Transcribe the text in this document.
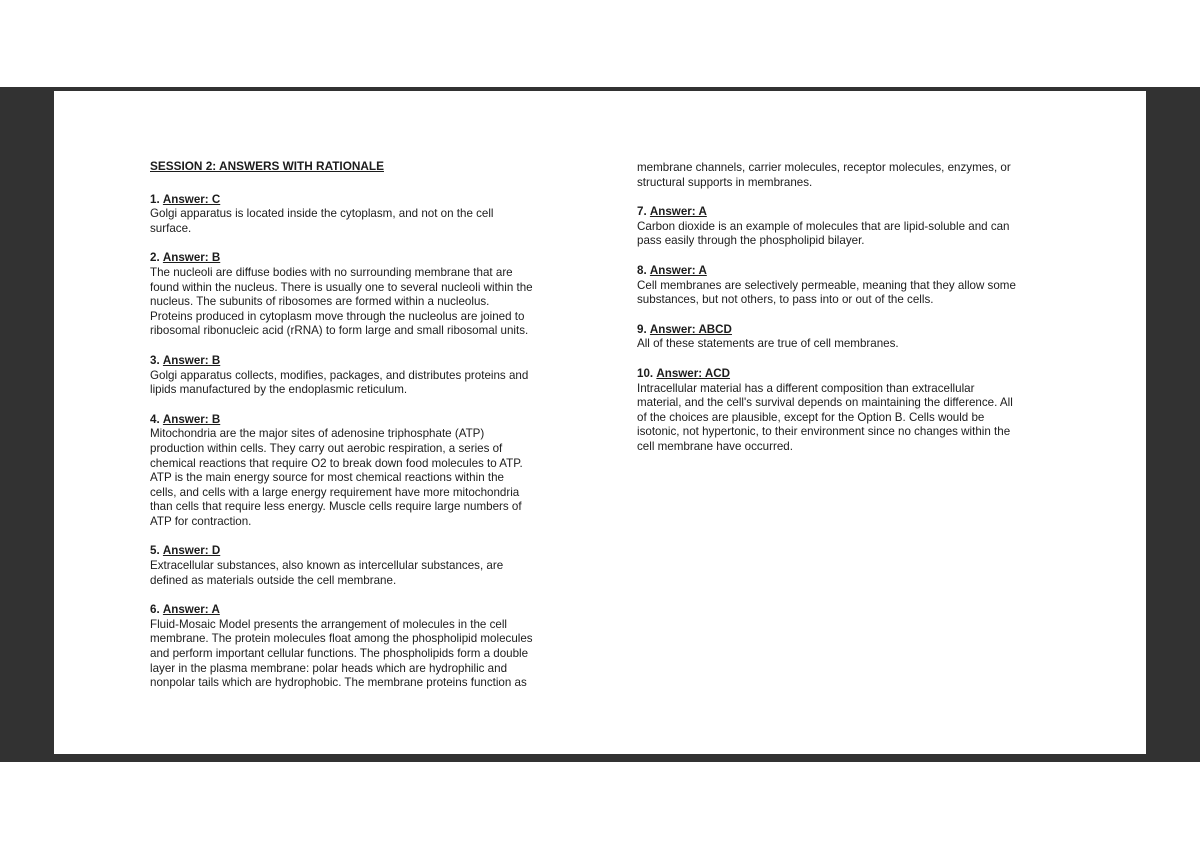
SESSION 2: ANSWERS WITH RATIONALE
1. Answer: C
Golgi apparatus is located inside the cytoplasm, and not on the cell
surface.
2. Answer: B
The nucleoli are diffuse bodies with no surrounding membrane that are
found within the nucleus. There is usually one to several nucleoli within the
nucleus. The subunits of ribosomes are formed within a nucleolus.
Proteins produced in cytoplasm move through the nucleolus are joined to
ribosomal ribonucleic acid (rRNA) to form large and small ribosomal units.
3. Answer: B
Golgi apparatus collects, modifies, packages, and distributes proteins and
lipids manufactured by the endoplasmic reticulum.
4. Answer: B
Mitochondria are the major sites of adenosine triphosphate (ATP)
production within cells. They carry out aerobic respiration, a series of
chemical reactions that require O2 to break down food molecules to ATP.
ATP is the main energy source for most chemical reactions within the
cells, and cells with a large energy requirement have more mitochondria
than cells that require less energy. Muscle cells require large numbers of
ATP for contraction.
5. Answer: D
Extracellular substances, also known as intercellular substances, are
defined as materials outside the cell membrane.
6. Answer: A
Fluid-Mosaic Model presents the arrangement of molecules in the cell
membrane. The protein molecules float among the phospholipid molecules
and perform important cellular functions. The phospholipids form a double
layer in the plasma membrane: polar heads which are hydrophilic and
nonpolar tails which are hydrophobic. The membrane proteins function as
membrane channels, carrier molecules, receptor molecules, enzymes, or
structural supports in membranes.
7. Answer: A
Carbon dioxide is an example of molecules that are lipid-soluble and can
pass easily through the phospholipid bilayer.
8. Answer: A
Cell membranes are selectively permeable, meaning that they allow some
substances, but not others, to pass into or out of the cells.
9. Answer: ABCD
All of these statements are true of cell membranes.
10. Answer: ACD
Intracellular material has a different composition than extracellular
material, and the cell's survival depends on maintaining the difference. All
of the choices are plausible, except for the Option B. Cells would be
isotonic, not hypertonic, to their environment since no changes within the
cell membrane have occurred.
